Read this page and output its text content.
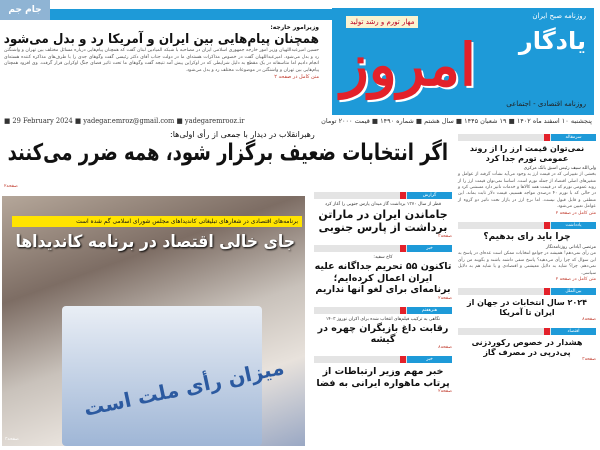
جام جم
روزنامه صبح ایران
مهار تورم و رشد تولید
یادگار
امروز
روزنامه اقتصادی - اجتماعی
پنجشنبه ۱۰ اسفند ماه ۱۴۰۲ ■ ۱۹ شعبان ۱۴۴۵ ■ سال هشتم ■ شماره ۱۴۹۰ ■ قیمت ۲۰۰۰ تومان
■ 29 February 2024 ■ yadegar.emroz@gmail.com ■ yadegaremrooz.ir
وزیرامور خارجه:
همچنان پیام‌هایی بین ایران و آمریکا رد و بدل می‌شود

حسین امیرعبداللهیان وزیر امور خارجه جمهوری اسلامی ایران در مصاحبه با شبکه المیادین لبنان گفت که همچنان پیام‌هایی درباره مسائل مختلف بین تهران و واشنگتن رد و بدل می‌شود. امیرعبداللهیان گفت در خصوص مذاکرات هسته‌ای ما در دولت جناب آقای دکتر رئیسی گفت وگوهای جدی را با طرف‌های مذاکره کننده هسته‌ای انجام دادیم اما متاسفانه در یک مقطع به دلیل شرایطی که در اوکراین پیش آمد نتیجه گفت وگوهای ما تحت تاثیر فضای جنگ اوکراین قرار گرفت. وی افزود همچنان پیام‌هایی بین تهران و واشنگتن در موضوعات مختلف رد و بدل می‌شود.

متن کامل در صفحه ۲
رهبرانقلاب در دیدار با جمعی از رأی اولی‌ها:
اگر انتخابات ضعیف برگزار شود، همه ضرر می‌کنند
صفحه۲
میزان رأی ملت است
برنامه‌های اقتصادی در شعارهای تبلیغاتی کاندیداهای مجلس شورای اسلامی گم شده است
جای خالی اقتصاد در برنامه کاندیداها
صفحه۳
گزارش
قطر از سال ۱۳۷۰ برداشت گاز میدان پارس جنوبی را آغاز کرد
جاماندن ایران در ماراتن برداشت از پارس جنوبی
صفحه۳
خبر
کاخ سفید:
تاکنون ۵۵ تحریم جداگانه علیه ایران اعمال کرده‌ایم؛ برنامه‌ای برای لغو آنها نداریم
صفحه۲
هنرهفتم
نگاهی به ترکیب فیلم‌های انتخاب شده برای اکران نوروز ۱۴۰۳
رقابت داغ بازیگران چهره در گیشه
صفحه۸
خبر
خبر مهم وزیر ارتباطات از پرتاب ماهواره ایرانی به فضا
صفحه۲
سرمقاله
نمی‌توان قیمت ارز را از روند عمومی تورم جدا کرد
ولی‌الله سیف رئیس اسبق بانک مرکزی

بخشی از تغییراتی که در قیمت ارز به وجود می‌آید نشأت گرفته از عوامل و متغیرهای اصلی اقتصاد از جمله تورم است. اساسا نمی‌توان قیمت ارز را از روند عمومی تورم که در قیمت همه کالاها و خدمات تاثیر دارد مستثنی کرد و در حالی که با تورم ۴۰ درصدی مواجه هستیم، قیمت دلار ثابت بماند. این منطقی و قابل قبول نیست. اما نرخ ارز در بازار تحت تاثیر دو گروه از عوامل تعیین می‌شود.

متن کامل در صفحه ۲
یادداشت
چرا باید رای بدهیم؟
مرتضی آبادانی روزنامه‌نگار

من رأی نمی‌دهم! همیشه در جوامع انتخابات ممکن است عده‌ای در پاسخ به این سوال که چرا رأی می‌دهید؟ پاسخ منفی داشته باشند و بگویند من رأی نمی‌دهم. چرا؟ شاید به دلایل معیشتی و اقتصادی و یا شاید هم به دلایل سیاسی.

متن کامل در صفحه ۲
بین‌الملل
۲۰۲۴ سال انتخابات در جهان از ایران تا آمریکا
صفحه۸
اقتصاد
هشدار در خصوص رکوردزنی پی‌درپی در مصرف گاز
صفحه۳
